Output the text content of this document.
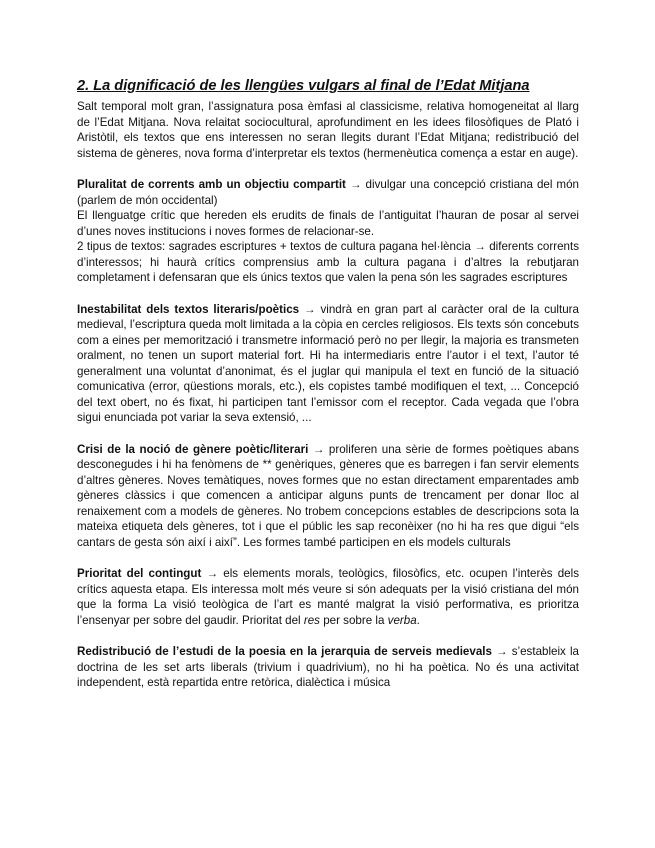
2. La dignificació de les llengües vulgars al final de l’Edat Mitjana

Salt temporal molt gran, l’assignatura posa èmfasi al classicisme, relativa homogeneitat al llarg de l’Edat Mitjana. Nova relaitat sociocultural, aprofundiment en les idees filosòfiques de Plató i Aristòtil, els textos que ens interessen no seran llegits durant l’Edat Mitjana; redistribució del sistema de gèneres, nova forma d’interpretar els textos (hermenèutica comença a estar en auge).

Pluralitat de corrents amb un objectiu compartit → divulgar una concepció cristiana del món (parlem de món occidental)

El llenguatge crític que hereden els erudits de finals de l’antiguitat l’hauran de posar al servei d’unes noves institucions i noves formes de relacionar-se.

2 tipus de textos: sagrades escriptures + textos de cultura pagana hel·lència → diferents corrents d’interessos; hi haurà crítics comprensius amb la cultura pagana i d’altres la rebutjaran completament i defensaran que els únics textos que valen la pena són les sagrades escriptures

Inestabilitat dels textos literaris/poètics → vindrà en gran part al caràcter oral de la cultura medieval, l’escriptura queda molt limitada a la còpia en cercles religiosos. Els texts són concebuts com a eines per memorització i transmetre informació però no per llegir, la majoria es transmeten oralment, no tenen un suport material fort. Hi ha intermediaris entre l’autor i el text, l’autor té generalment una voluntat d’anonimat, és el juglar qui manipula el text en funció de la situació comunicativa (error, qüestions morals, etc.), els copistes també modifiquen el text, ... Concepció del text obert, no és fixat, hi participen tant l’emissor com el receptor. Cada vegada que l’obra sigui enunciada pot variar la seva extensió, ...

Crisi de la noció de gènere poètic/literari → proliferen una sèrie de formes poètiques abans desconegudes i hi ha fenòmens de ** genèriques, gèneres que es barregen i fan servir elements d’altres gèneres. Noves temàtiques, noves formes que no estan directament emparentades amb gèneres clàssics i que comencen a anticipar alguns punts de trencament per donar lloc al renaixement com a models de gèneres. No trobem concepcions estables de descripcions sota la mateixa etiqueta dels gèneres, tot i que el públic les sap reconèixer (no hi ha res que digui “els cantars de gesta són així i així”. Les formes també participen en els models culturals

Prioritat del contingut → els elements morals, teològics, filosòfics, etc. ocupen l’interès dels crítics aquesta etapa. Els interessa molt més veure si són adequats per la visió cristiana del món que la forma La visió teològica de l’art es manté malgrat la visió performativa, es prioritza l’ensenyar per sobre del gaudir. Prioritat del res per sobre la verba.

Redistribució de l’estudi de la poesia en la jerarquia de serveis medievals → s’estableix la doctrina de les set arts liberals (trivium i quadrivium), no hi ha poètica. No és una activitat independent, està repartida entre retòrica, dialèctica i música
